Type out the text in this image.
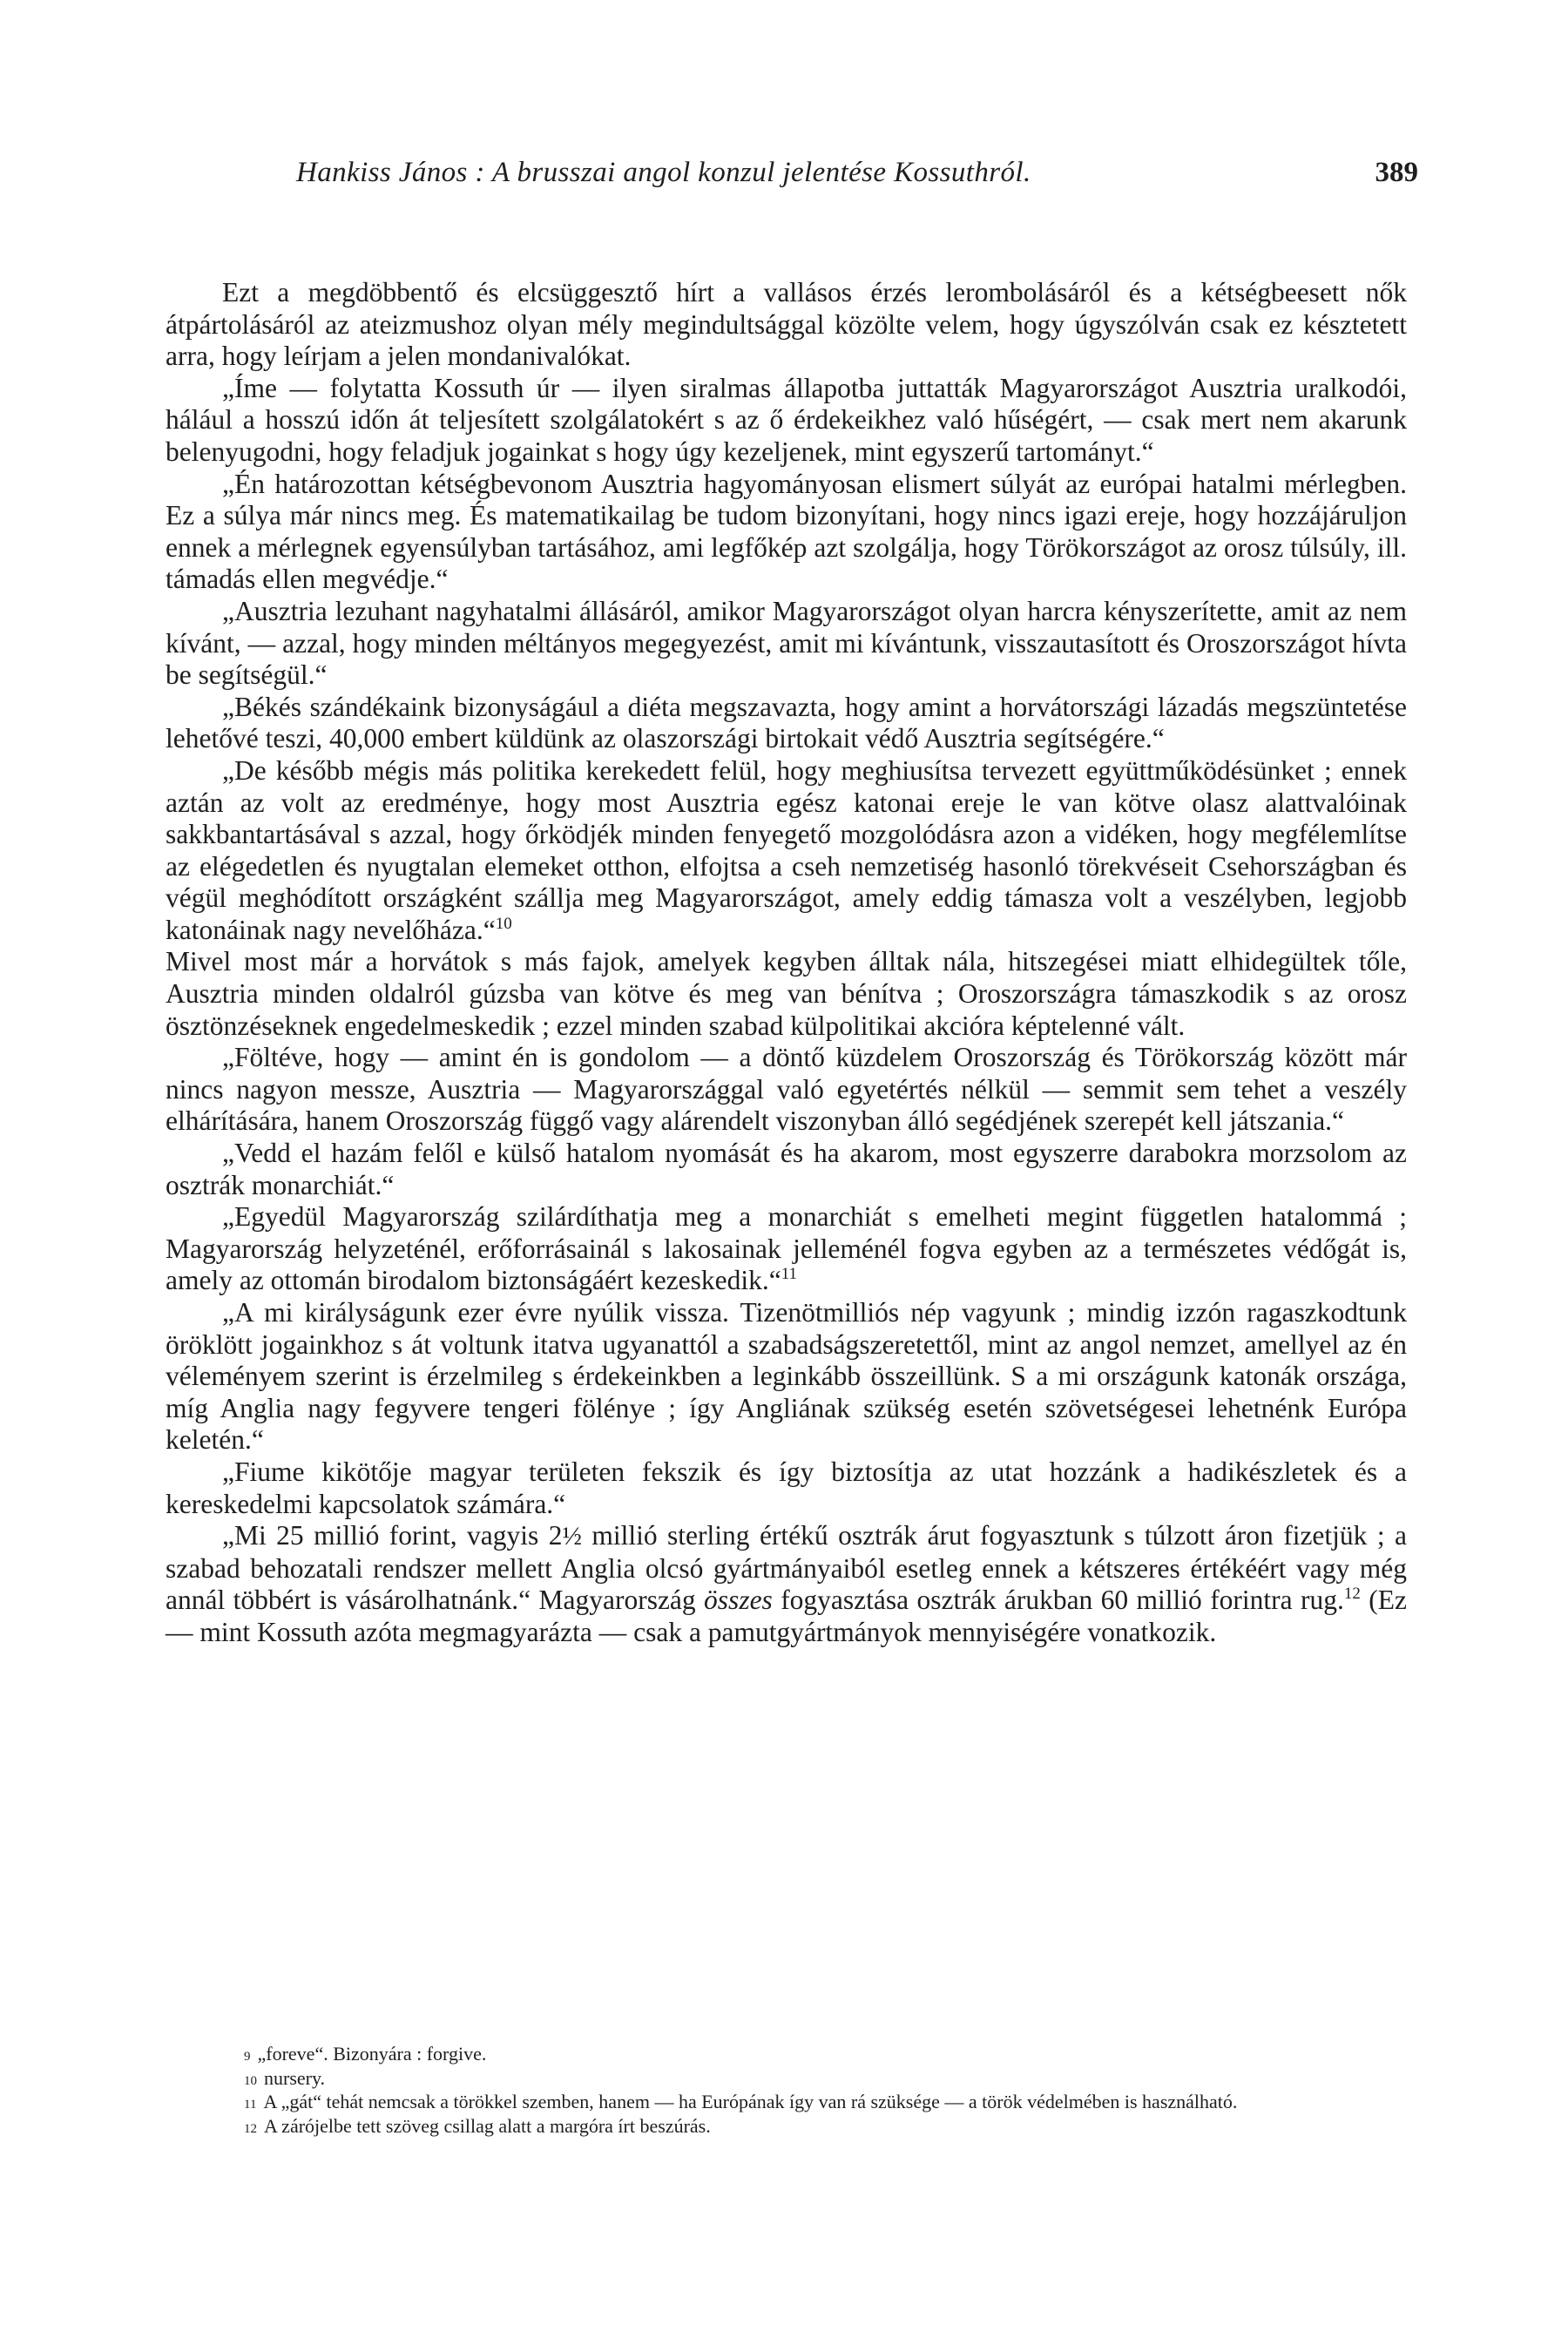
Hankiss János : A brusszai angol konzul jelentése Kossuthról.	389

Ezt a megdöbbentő és elcsüggesztő hírt a vallásos érzés lerombolásáról és a kétségbeesett nők átpártolásáról az ateizmushoz olyan mély megindultsággal közölte velem, hogy úgyszólván csak ez késztetett arra, hogy leírjam a jelen mondanivalókat.

„Íme — folytatta Kossuth úr — ilyen siralmas állapotba juttatták Magyarországot Ausztria uralkodói, hálául a hosszú időn át teljesített szolgálatokért s az ő érdekeikhez való hűségért, — csak mert nem akarunk belenyugodni, hogy feladjuk jogainkat s hogy úgy kezeljenek, mint egyszerű tartományt.“

„Én határozottan kétségbevonom Ausztria hagyományosan elismert súlyát az európai hatalmi mérlegben. Ez a súlya már nincs meg. És matematikailag be tudom bizonyítani, hogy nincs igazi ereje, hogy hozzájáruljon ennek a mérlegnek egyensúlyban tartásához, ami legfőkép azt szolgálja, hogy Törökországot az orosz túlsúly, ill. támadás ellen megvédje.“

„Ausztria lezuhant nagyhatalmi állásáról, amikor Magyarországot olyan harcra kényszerítette, amit az nem kívánt, — azzal, hogy minden méltányos megegyezést, amit mi kívántunk, visszautasított és Oroszországot hívta be segítségül.“

„Békés szándékaink bizonyságául a diéta megszavazta, hogy amint a horvátországi lázadás megszüntetése lehetővé teszi, 40,000 embert küldünk az olaszországi birtokait védő Ausztria segítségére.“

„De később mégis más politika kerekedett felül, hogy meghiusítsa tervezett együttműködésünket ; ennek aztán az volt az eredménye, hogy most Ausztria egész katonai ereje le van kötve olasz alattvalóinak sakkbantartásával s azzal, hogy őrködjék minden fenyegető mozgolódásra azon a vidéken, hogy megfélemlítse az elégedetlen és nyugtalan elemeket otthon, elfojtsa a cseh nemzetiség hasonló törekvéseit Csehországban és végül meghódított országként szállja meg Magyarországot, amely eddig támasza volt a veszélyben, legjobb katonáinak nagy nevelőháza.“$^{10}$

Mivel most már a horvátok s más fajok, amelyek kegyben álltak nála, hitszegései miatt elhidegültek tőle, Ausztria minden oldalról gúzsba van kötve és meg van bénítva ; Oroszországra támaszkodik s az orosz ösztönzéseknek engedelmeskedik ; ezzel minden szabad külpolitikai akcióra képtelenné vált.

„Föltéve, hogy — amint én is gondolom — a döntő küzdelem Oroszország és Törökország között már nincs nagyon messze, Ausztria — Magyarországgal való egyetértés nélkül — semmit sem tehet a veszély elhárítására, hanem Oroszország függő vagy alárendelt viszonyban álló segédjének szerepét kell játszania.“

„Vedd el hazám felől e külső hatalom nyomását és ha akarom, most egyszerre darabokra morzsolom az osztrák monarchiát.“

„Egyedül Magyarország szilárdíthatja meg a monarchiát s emelheti megint független hatalommá ; Magyarország helyzeténél, erőforrásainál s lakosainak jelleménél fogva egyben az a természetes védőgát is, amely az ottomán birodalom biztonságáért kezeskedik.“$^{11}$

„A mi királyságunk ezer évre nyúlik vissza. Tizenötmilliós nép vagyunk ; mindig izzón ragaszkodtunk öröklött jogainkhoz s át voltunk itatva ugyanattól a szabadságszeretettől, mint az angol nemzet, amellyel az én véleményem szerint is érzelmileg s érdekeinkben a leginkább összeillünk. S a mi országunk katonák országa, míg Anglia nagy fegyvere tengeri fölénye ; így Angliának szükség esetén szövetségesei lehetnénk Európa keletén.“

„Fiume kikötője magyar területen fekszik és így biztosítja az utat hozzánk a hadikészletek és a kereskedelmi kapcsolatok számára.“

„Mi 25 millió forint, vagyis 2½ millió sterling értékű osztrák árut fogyasztunk s túlzott áron fizetjük ; a szabad behozatali rendszer mellett Anglia olcsó gyártmányaiból esetleg ennek a kétszeres értékéért vagy még annál többért is vásárolhatnánk.“ Magyarország összes fogyasztása osztrák árukban 60 millió forintra rug.$^{12}$ (Ez — mint Kossuth azóta megmagyarázta — csak a pamutgyártmányok mennyiségére vonatkozik.

9 „foreve“. Bizonyára : forgive.

10 nursery.

11 A „gát“ tehát nemcsak a törökkel szemben, hanem — ha Európának így van rá szüksége — a török védelmében is használható.

12 A zárójelbe tett szöveg csillag alatt a margóra írt beszúrás.
